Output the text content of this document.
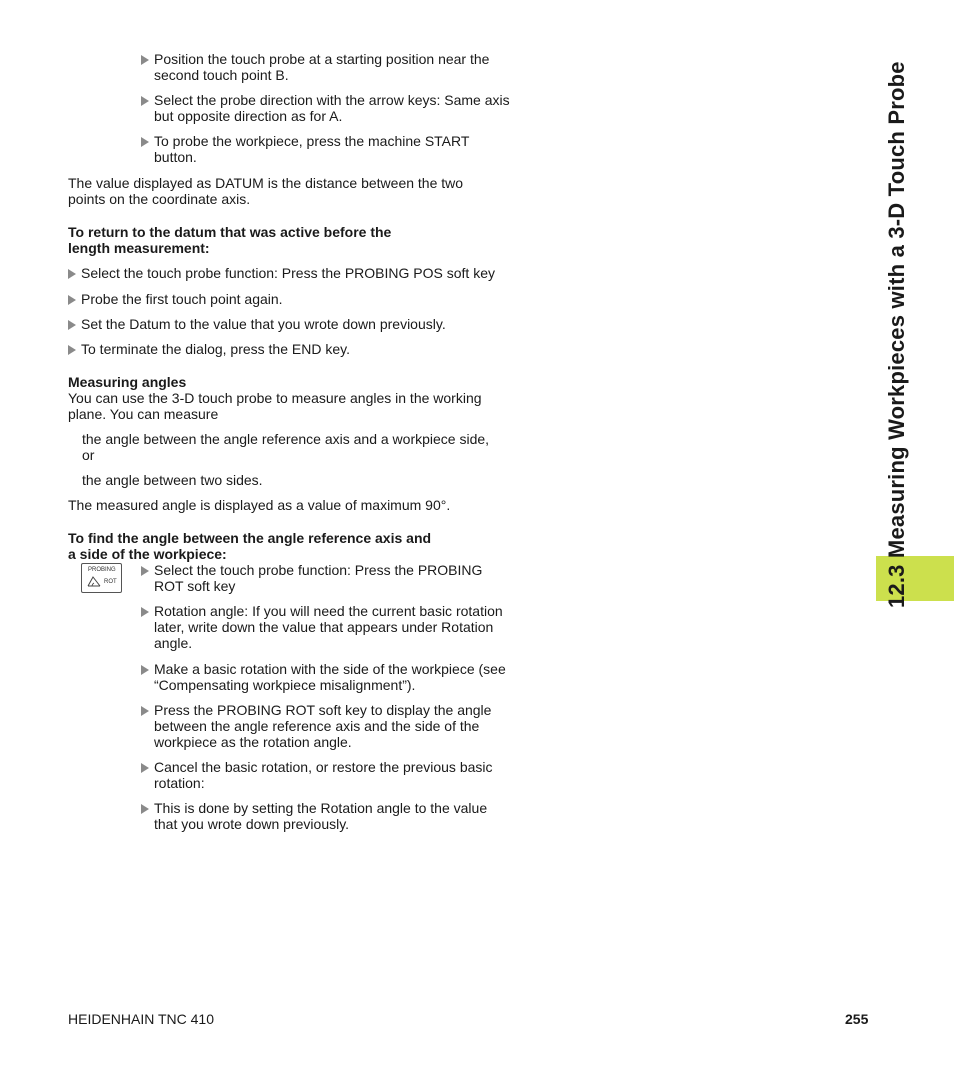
12.3 Measuring Workpieces with a 3-D Touch Probe
Position the touch probe at a starting position near the second touch point B.
Select the probe direction with the arrow keys: Same axis but opposite direction as for A.
To probe the workpiece, press the machine START button.

The value displayed as DATUM is the distance between the two points on the coordinate axis.

To return to the datum that was active before the
length measurement:
Select the touch probe function: Press the PROBING POS soft key
Probe the first touch point again.
Set the Datum to the value that you wrote down previously.
To terminate the dialog, press the END key.
Measuring angles

You can use the 3-D touch probe to measure angles in the working plane. You can measure

the angle between the angle reference axis and a workpiece side, or

the angle between two sides.

The measured angle is displayed as a value of maximum 90°.

To find the angle between the angle reference axis and
a side of the workpiece:
PROBING
ROT
Select the touch probe function: Press the PROBING ROT soft key
Rotation angle: If you will need the current basic rotation later, write down the value that appears under Rotation angle.
Make a basic rotation with the side of the workpiece (see “Compensating workpiece misalignment”).
Press the PROBING ROT soft key to display the angle between the angle reference axis and the side of the workpiece as the rotation angle.
Cancel the basic rotation, or restore the previous basic rotation:
This is done by setting the Rotation angle to the value that you wrote down previously.
HEIDENHAIN TNC 410	255
